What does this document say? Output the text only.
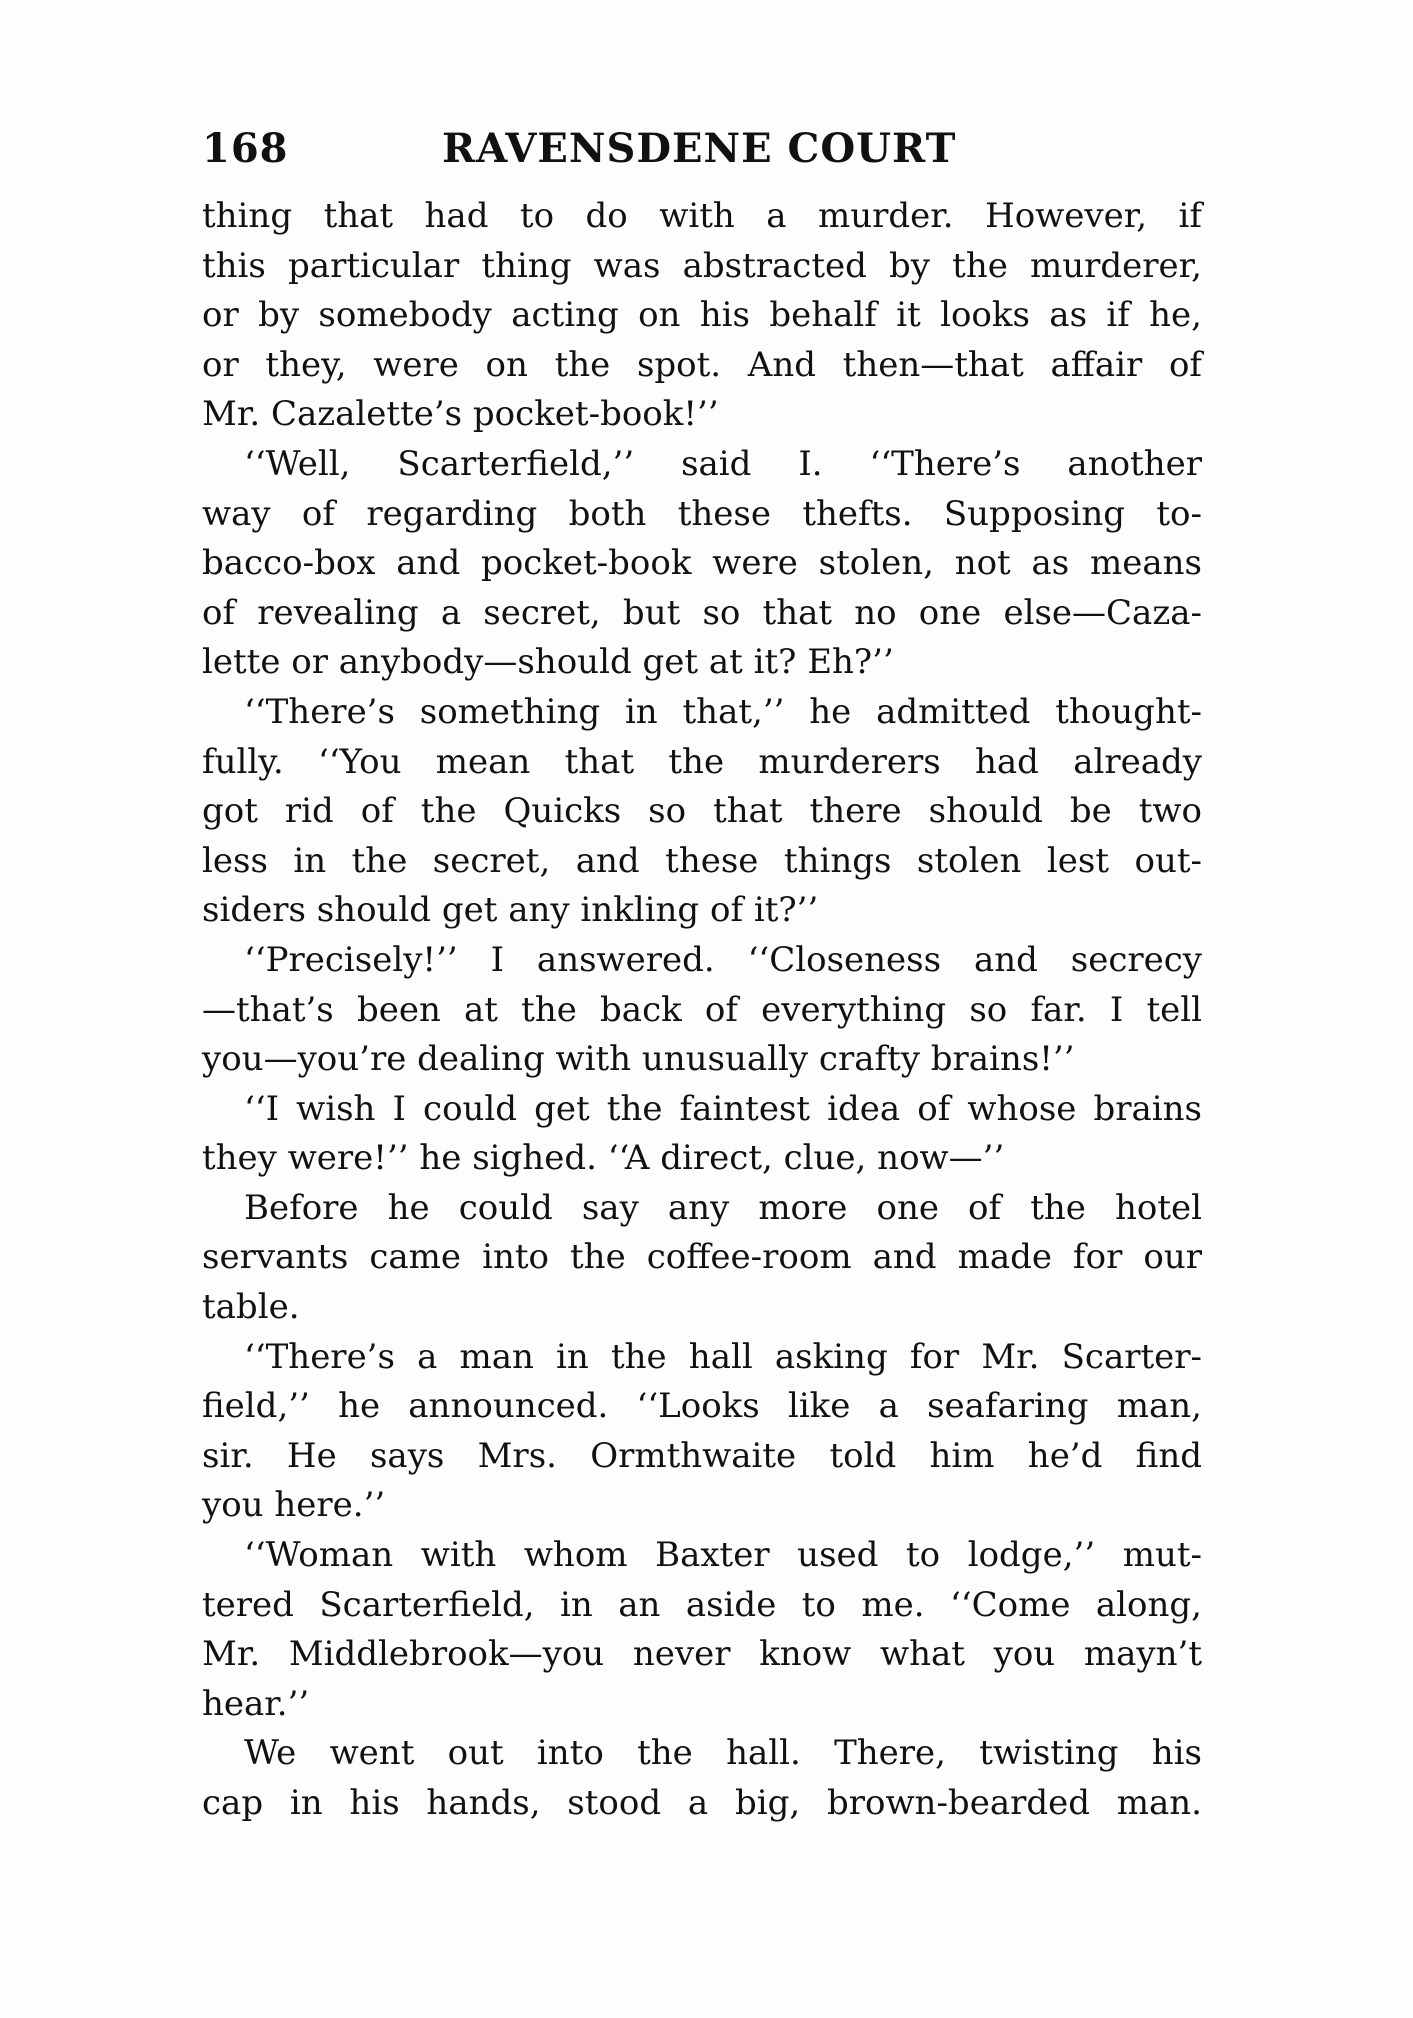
168	RAVENSDENE COURT

thing that had to do with a murder. However, if

this particular thing was abstracted by the murderer,

or by somebody acting on his behalf it looks as if he,

or they, were on the spot. And then—that affair of

Mr. Cazalette’s pocket-book!’’

‘‘Well, Scarterfield,’’ said I. ‘‘There’s another

way of regarding both these thefts. Supposing to-

bacco-box and pocket-book were stolen, not as means

of revealing a secret, but so that no one else—Caza-

lette or anybody—should get at it? Eh?’’

‘‘There’s something in that,’’ he admitted thought-

fully. ‘‘You mean that the murderers had already

got rid of the Quicks so that there should be two

less in the secret, and these things stolen lest out-

siders should get any inkling of it?’’

‘‘Precisely!’’ I answered. ‘‘Closeness and secrecy

—that’s been at the back of everything so far. I tell

you—you’re dealing with unusually crafty brains!’’

‘‘I wish I could get the faintest idea of whose brains

they were!’’ he sighed. ‘‘A direct, clue, now—’’

Before he could say any more one of the hotel

servants came into the coffee-room and made for our

table.

‘‘There’s a man in the hall asking for Mr. Scarter-

field,’’ he announced. ‘‘Looks like a seafaring man,

sir. He says Mrs. Ormthwaite told him he’d find

you here.’’

‘‘Woman with whom Baxter used to lodge,’’ mut-

tered Scarterfield, in an aside to me. ‘‘Come along,

Mr. Middlebrook—you never know what you mayn’t

hear.’’

We went out into the hall. There, twisting his

cap in his hands, stood a big, brown-bearded man.
